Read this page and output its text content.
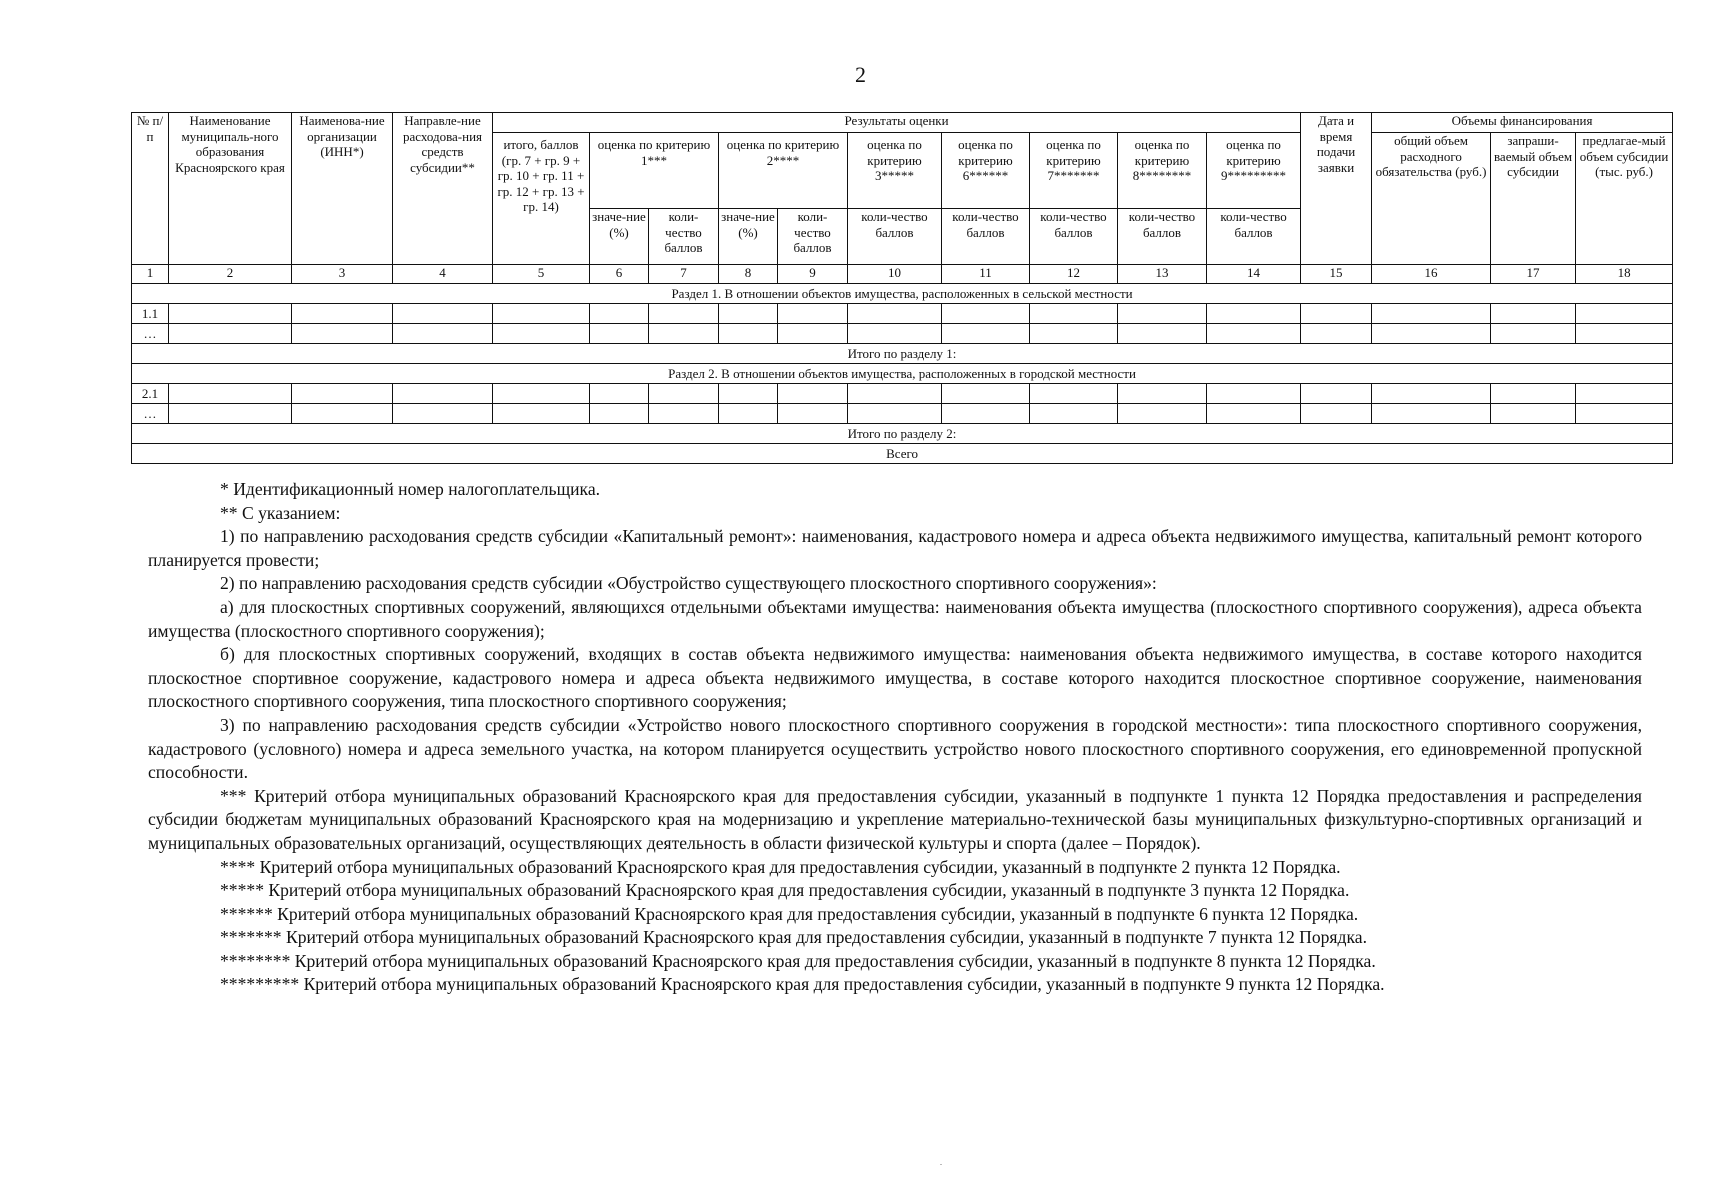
2
№ п/п	Наименование муниципаль-ного образования Красноярского края	Наименова-ние организации (ИНН*)	Направле-ние расходова-ния средств субсидии**	Результаты оценки										Дата и время подачи заявки	Объемы финансирования		
				итого, баллов (гр. 7 + гр. 9 + гр. 10 + гр. 11 + гр. 12 + гр. 13 + гр. 14)	оценка по критерию 1***		оценка по критерию 2****		оценка по критерию 3*****	оценка по критерию 6******	оценка по критерию 7*******	оценка по критерию 8********	оценка по критерию 9*********		общий объем расходного обязательства (руб.)	запраши-ваемый объем субсидии	предлагае-мый объем субсидии (тыс. руб.)
					значе-ние (%)	коли-чество баллов	значе-ние (%)	коли-чество баллов	коли-чество баллов	коли-чество баллов	коли-чество баллов	коли-чество баллов	коли-чество баллов				
1	2	3	4	5	6	7	8	9	10	11	12	13	14	15	16	17	18
Раздел 1. В отношении объектов имущества, расположенных в сельской местности																	
1.1																	
…																	
Итого по разделу 1:																	
Раздел 2. В отношении объектов имущества, расположенных в городской местности																	
2.1																	
…																	
Итого по разделу 2:																	
Всего																	

* Идентификационный номер налогоплательщика.

** С указанием:

1) по направлению расходования средств субсидии «Капитальный ремонт»: наименования, кадастрового номера и адреса объекта недвижимого имущества, капитальный ремонт которого планируется провести;

2) по направлению расходования средств субсидии «Обустройство существующего плоскостного спортивного сооружения»:

а) для плоскостных спортивных сооружений, являющихся отдельными объектами имущества: наименования объекта имущества (плоскостного спортивного сооружения), адреса объекта имущества (плоскостного спортивного сооружения);

б) для плоскостных спортивных сооружений, входящих в состав объекта недвижимого имущества: наименования объекта недвижимого имущества, в составе которого находится плоскостное спортивное сооружение, кадастрового номера и адреса объекта недвижимого имущества, в составе которого находится плоскостное спортивное сооружение, наименования плоскостного спортивного сооружения, типа плоскостного спортивного сооружения;

3) по направлению расходования средств субсидии «Устройство нового плоскостного спортивного сооружения в городской местности»: типа плоскостного спортивного сооружения, кадастрового (условного) номера и адреса земельного участка, на котором планируется осуществить устройство нового плоскостного спортивного сооружения, его единовременной пропускной способности.

*** Критерий отбора муниципальных образований Красноярского края для предоставления субсидии, указанный в подпункте 1 пункта 12 Порядка предоставления и распределения субсидии бюджетам муниципальных образований Красноярского края на модернизацию и укрепление материально-технической базы муниципальных физкультурно-спортивных организаций и муниципальных образовательных организаций, осуществляющих деятельность в области физической культуры и спорта (далее – Порядок).

**** Критерий отбора муниципальных образований Красноярского края для предоставления субсидии, указанный в подпункте 2 пункта 12 Порядка.

***** Критерий отбора муниципальных образований Красноярского края для предоставления субсидии, указанный в подпункте 3 пункта 12 Порядка.

****** Критерий отбора муниципальных образований Красноярского края для предоставления субсидии, указанный в подпункте 6 пункта 12 Порядка.

******* Критерий отбора муниципальных образований Красноярского края для предоставления субсидии, указанный в подпункте 7 пункта 12 Порядка.

******** Критерий отбора муниципальных образований Красноярского края для предоставления субсидии, указанный в подпункте 8 пункта 12 Порядка.

********* Критерий отбора муниципальных образований Красноярского края для предоставления субсидии, указанный в подпункте 9 пункта 12 Порядка.
